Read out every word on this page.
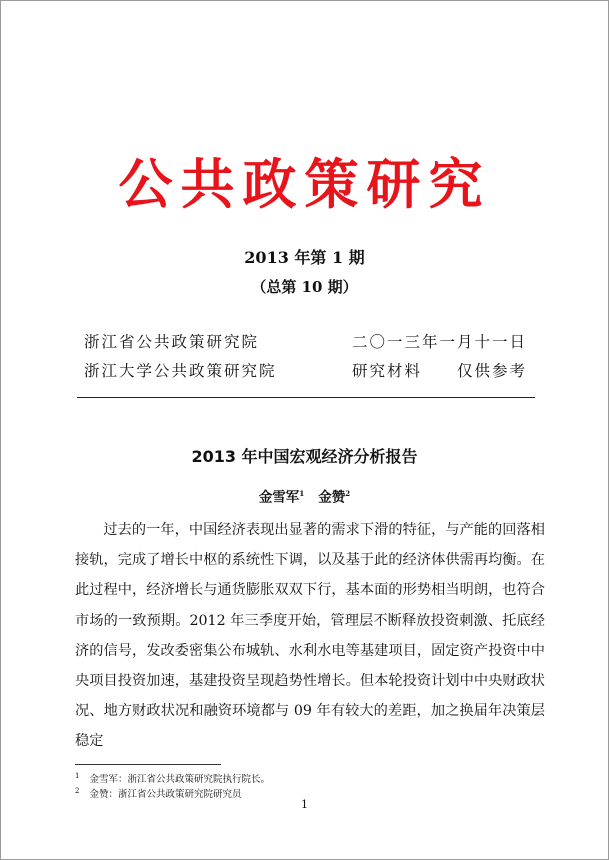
公共政策研究
2013 年第 1 期
（总第 10 期）
浙江省公共政策研究院
浙江大学公共政策研究院
二〇一三年一月十一日
研究材料　　仅供参考
2013 年中国宏观经济分析报告
金雪军$^1$ 金赞$^2$

过去的一年，中国经济表现出显著的需求下滑的特征，与产能的回落相接轨，完成了增长中枢的系统性下调，以及基于此的经济体供需再均衡。在此过程中，经济增长与通货膨胀双双下行，基本面的形势相当明朗，也符合市场的一致预期。2012 年三季度开始，管理层不断释放投资刺激、托底经济的信号，发改委密集公布城轨、水利水电等基建项目，固定资产投资中中央项目投资加速，基建投资呈现趋势性增长。但本轮投资计划中中央财政状况、地方财政状况和融资环境都与 09 年有较大的差距，加之换届年决策层稳定

$^1$ 金雪军：浙江省公共政策研究院执行院长。
$^2$ 金赞：浙江省公共政策研究院研究员
1
